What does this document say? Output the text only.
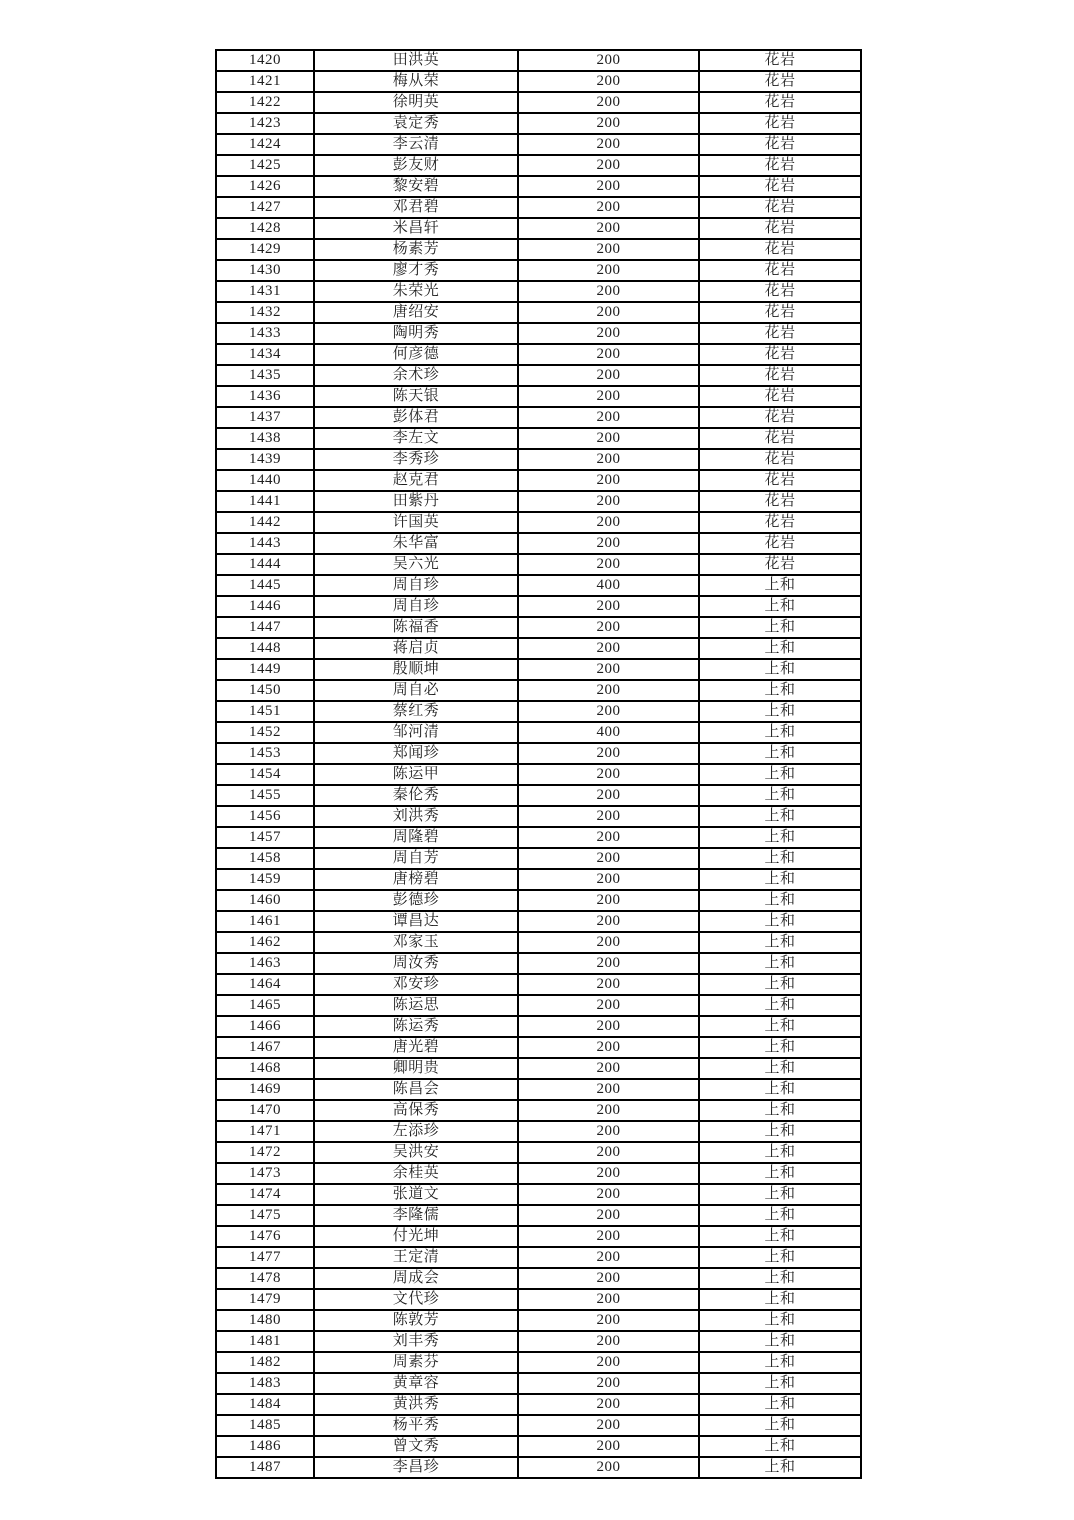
1420	田洪英	200	花岩
1421	梅从荣	200	花岩
1422	徐明英	200	花岩
1423	袁定秀	200	花岩
1424	李云清	200	花岩
1425	彭友财	200	花岩
1426	黎安碧	200	花岩
1427	邓君碧	200	花岩
1428	米昌轩	200	花岩
1429	杨素芳	200	花岩
1430	廖才秀	200	花岩
1431	朱荣光	200	花岩
1432	唐绍安	200	花岩
1433	陶明秀	200	花岩
1434	何彦德	200	花岩
1435	余术珍	200	花岩
1436	陈天银	200	花岩
1437	彭体君	200	花岩
1438	李左文	200	花岩
1439	李秀珍	200	花岩
1440	赵克君	200	花岩
1441	田紫丹	200	花岩
1442	许国英	200	花岩
1443	朱华富	200	花岩
1444	吴六光	200	花岩
1445	周自珍	400	上和
1446	周自珍	200	上和
1447	陈福香	200	上和
1448	蒋启贞	200	上和
1449	殷顺坤	200	上和
1450	周自必	200	上和
1451	蔡红秀	200	上和
1452	邹河清	400	上和
1453	郑闻珍	200	上和
1454	陈运甲	200	上和
1455	秦伦秀	200	上和
1456	刘洪秀	200	上和
1457	周隆碧	200	上和
1458	周自芳	200	上和
1459	唐榜碧	200	上和
1460	彭德珍	200	上和
1461	谭昌达	200	上和
1462	邓家玉	200	上和
1463	周汝秀	200	上和
1464	邓安珍	200	上和
1465	陈运思	200	上和
1466	陈运秀	200	上和
1467	唐光碧	200	上和
1468	卿明贵	200	上和
1469	陈昌会	200	上和
1470	高保秀	200	上和
1471	左添珍	200	上和
1472	吴洪安	200	上和
1473	余桂英	200	上和
1474	张道文	200	上和
1475	李隆儒	200	上和
1476	付光坤	200	上和
1477	王定清	200	上和
1478	周成会	200	上和
1479	文代珍	200	上和
1480	陈敦芳	200	上和
1481	刘丰秀	200	上和
1482	周素芬	200	上和
1483	黄章容	200	上和
1484	黄洪秀	200	上和
1485	杨平秀	200	上和
1486	曾文秀	200	上和
1487	李昌珍	200	上和
